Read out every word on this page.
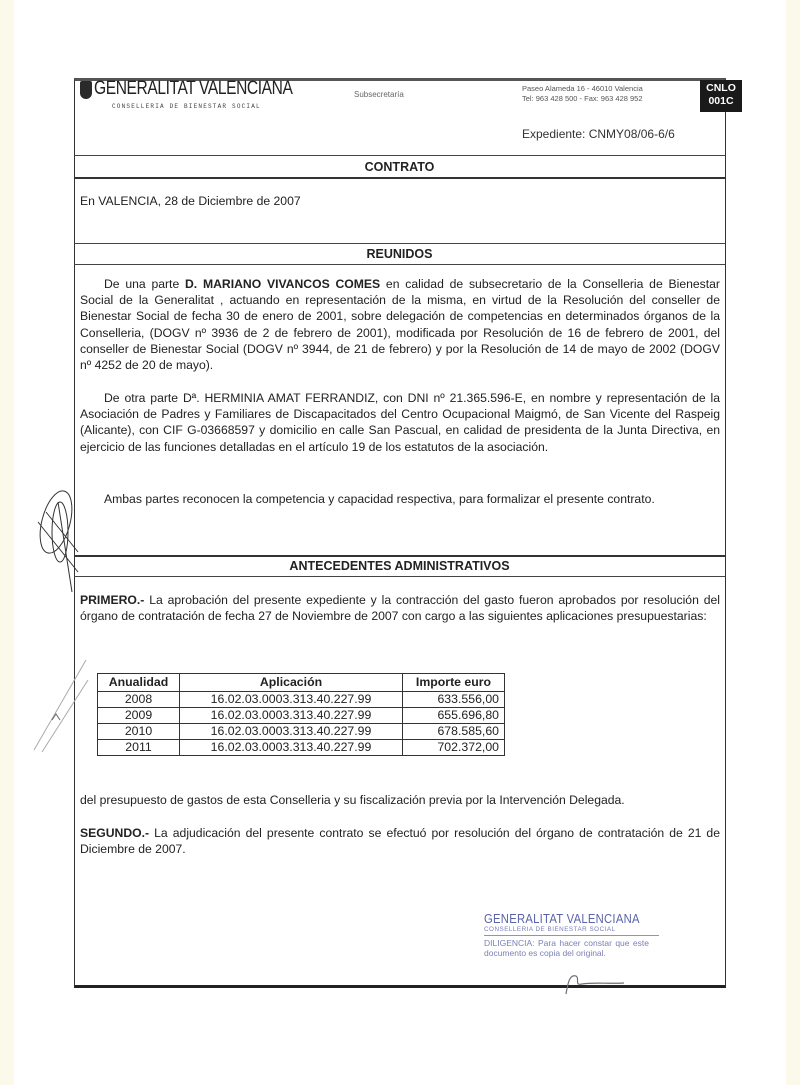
GENERALITAT VALENCIANA
CONSELLERIA DE BIENESTAR SOCIAL
Subsecretaría
Paseo Alameda 16 - 46010 Valencia
Tel: 963 428 500 - Fax: 963 428 952
CNLO
001C
Expediente: CNMY08/06-6/6
CONTRATO
En VALENCIA, 28 de Diciembre de 2007
REUNIDOS
De una parte D. MARIANO VIVANCOS COMES en calidad de subsecretario de la Conselleria de Bienestar Social de la Generalitat , actuando en representación de la misma, en virtud de la Resolución del conseller de Bienestar Social de fecha 30 de enero de 2001, sobre delegación de competencias en determinados órganos de la Conselleria, (DOGV nº 3936 de 2 de febrero de 2001), modificada por Resolución de 16 de febrero de 2001, del conseller de Bienestar Social (DOGV nº 3944, de 21 de febrero) y por la Resolución de 14 de mayo de 2002 (DOGV nº 4252 de 20 de mayo).
De otra parte Dª. HERMINIA AMAT FERRANDIZ, con DNI nº 21.365.596-E, en nombre y representación de la Asociación de Padres y Familiares de Discapacitados del Centro Ocupacional Maigmó, de San Vicente del Raspeig (Alicante), con CIF G-03668597 y domicilio en calle San Pascual, en calidad de presidenta de la Junta Directiva, en ejercicio de las funciones detalladas en el artículo 19 de los estatutos de la asociación.
Ambas partes reconocen la competencia y capacidad respectiva, para formalizar el presente contrato.
ANTECEDENTES ADMINISTRATIVOS
PRIMERO.- La aprobación del presente expediente y la contracción del gasto fueron aprobados por resolución del órgano de contratación de fecha 27 de Noviembre de 2007 con cargo a las siguientes aplicaciones presupuestarias:
Anualidad	Aplicación	Importe euro
2008	16.02.03.0003.313.40.227.99	633.556,00
2009	16.02.03.0003.313.40.227.99	655.696,80
2010	16.02.03.0003.313.40.227.99	678.585,60
2011	16.02.03.0003.313.40.227.99	702.372,00
del presupuesto de gastos de esta Conselleria y su fiscalización previa por la Intervención Delegada.
SEGUNDO.- La adjudicación del presente contrato se efectuó por resolución del órgano de contratación de 21 de Diciembre de 2007.
GENERALITAT VALENCIANA
CONSELLERIA DE BIENESTAR SOCIAL
DILIGENCIA: Para hacer constar que este documento es copia del original.
